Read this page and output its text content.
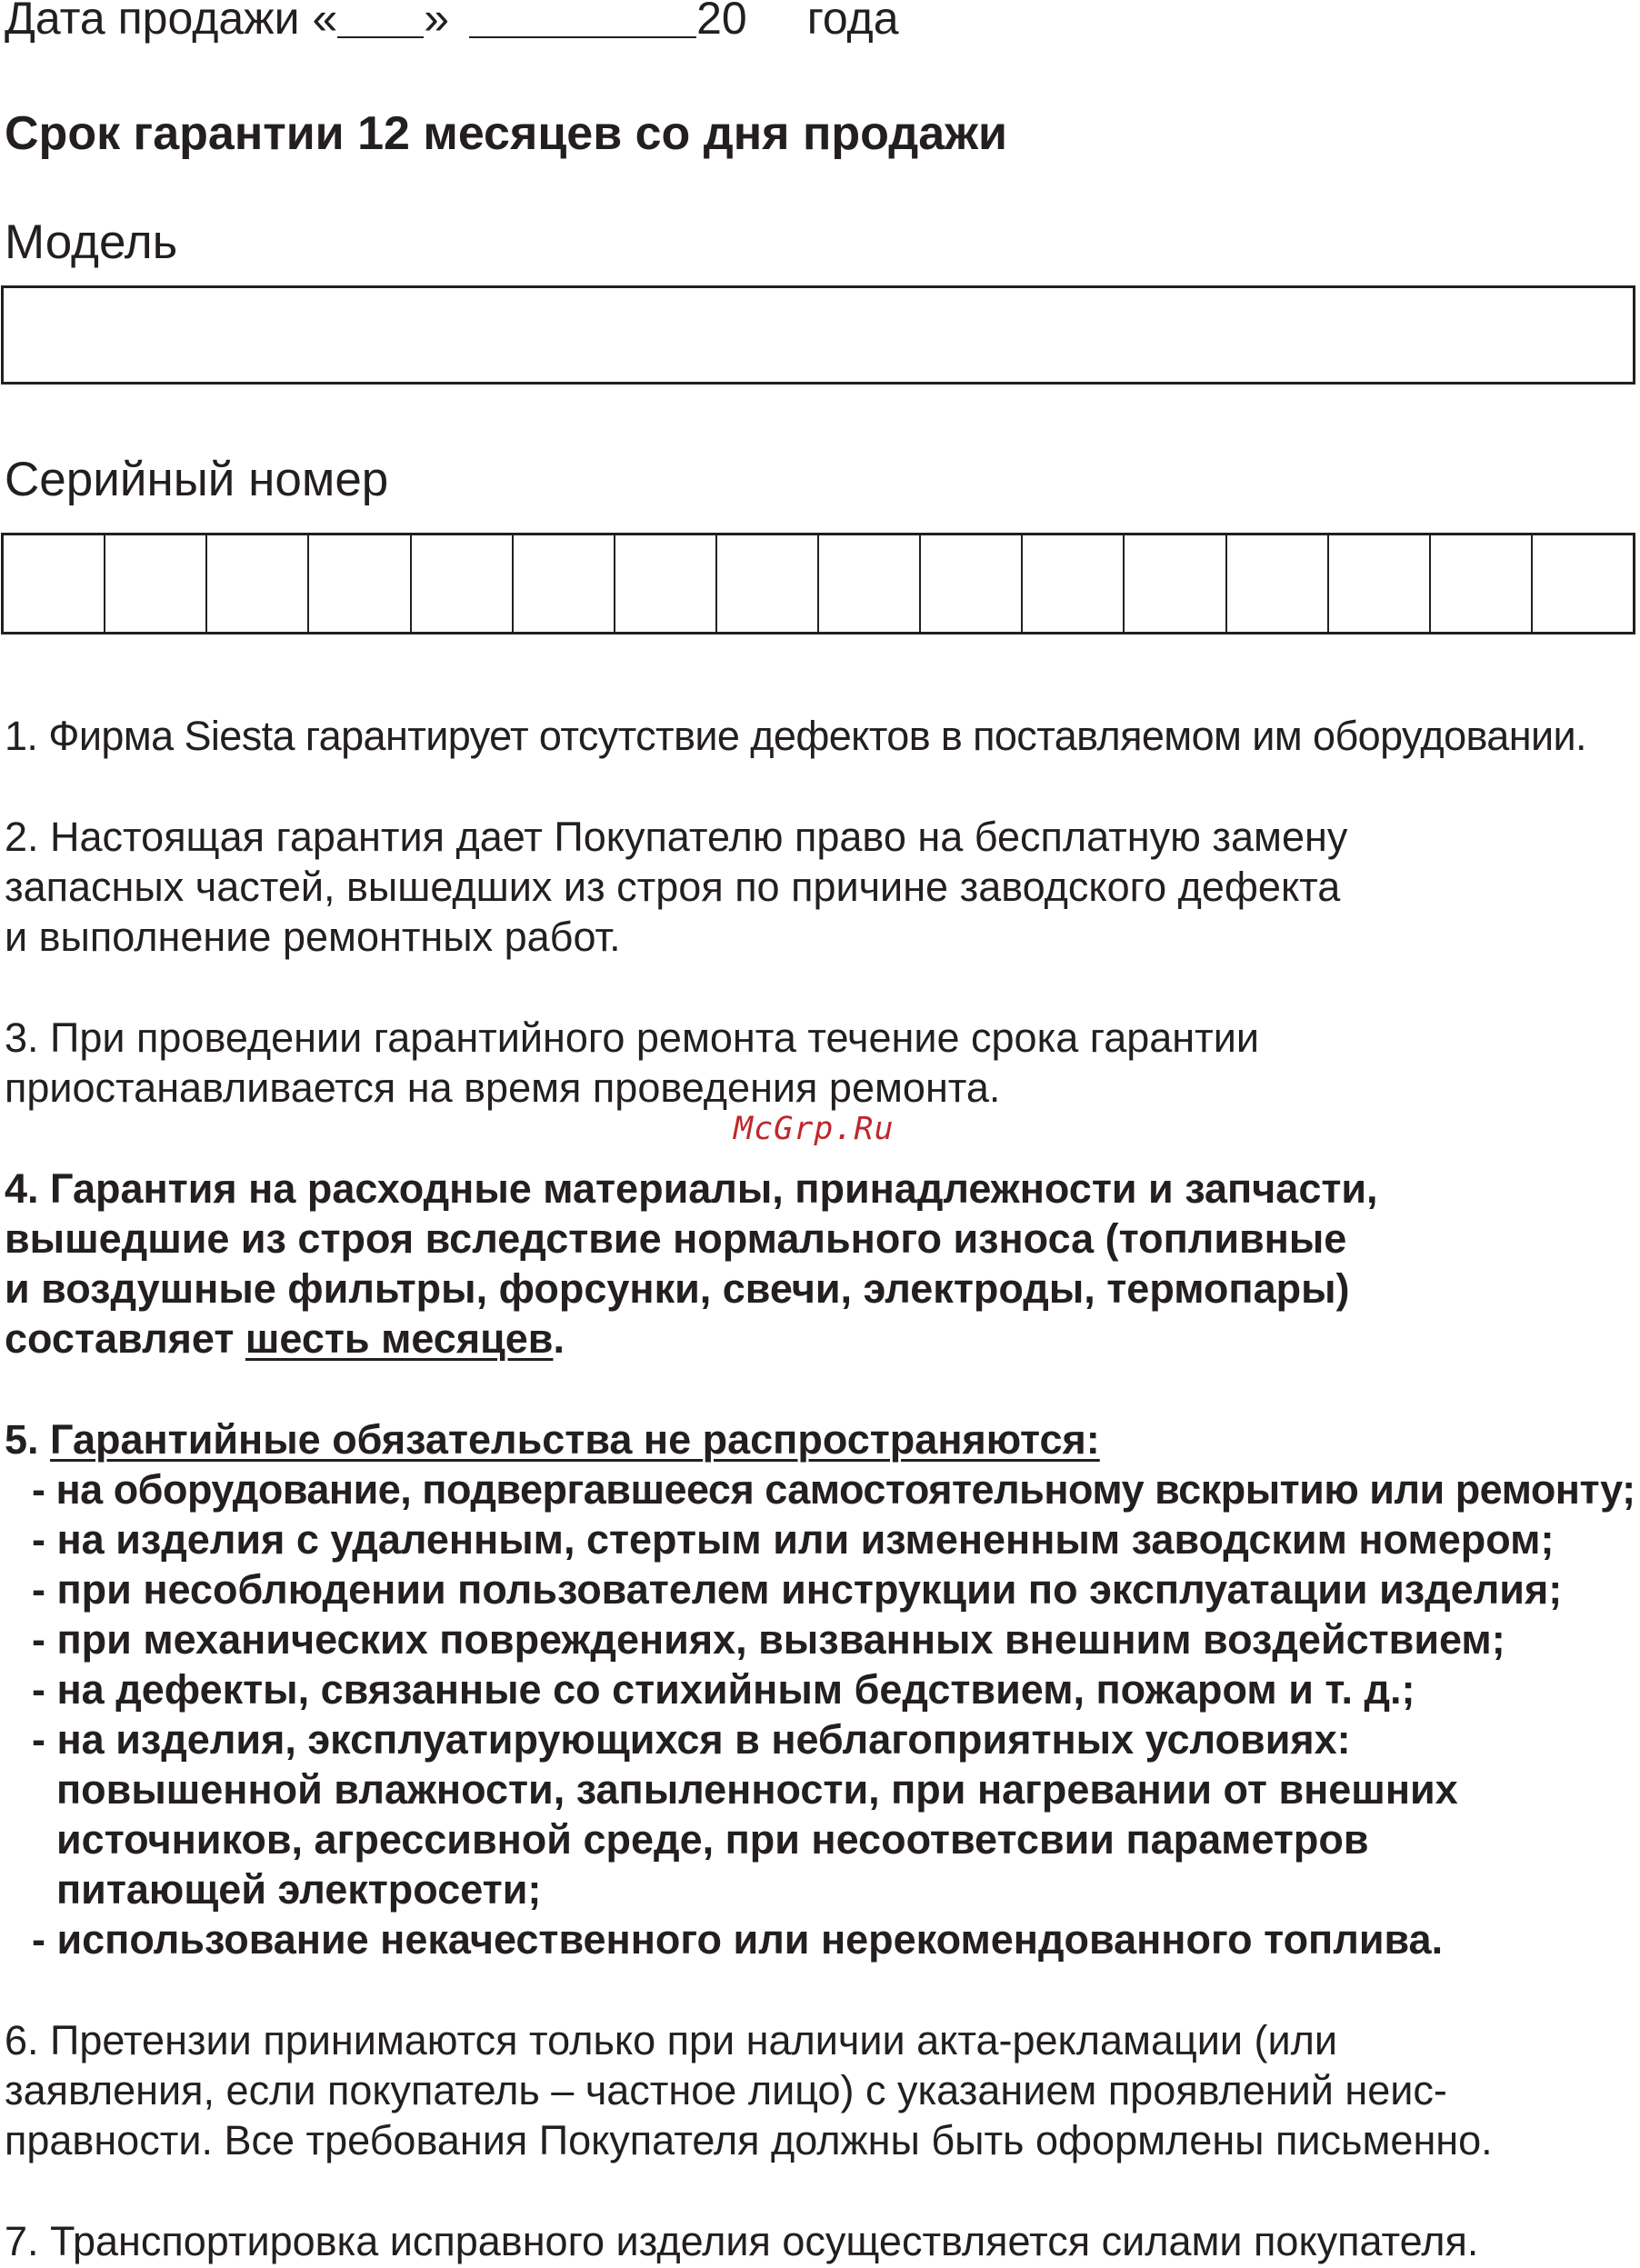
Дата продажи « »	20 года
Срок гарантии 12 месяцев со дня продажи
Модель
Серийный номер
1. Фирма Siesta гарантирует отсутствие дефектов в поставляемом им оборудовании.
2. Настоящая гарантия дает Покупателю право на бесплатную замену
запасных частей, вышедших из строя по причине заводского дефекта
и выполнение ремонтных работ.
3. При проведении гарантийного ремонта течение срока гарантии
приостанавливается на время проведения ремонта.
McGrp.Ru
4. Гарантия на расходные материалы, принадлежности и запчасти,
вышедшие из строя вследствие нормального износа (топливные
и воздушные фильтры, форсунки, свечи, электроды, термопары)
составляет шесть месяцев.
5. Гарантийные обязательства не распространяются:
- на оборудование, подвергавшееся самостоятельному вскрытию или ремонту;
- на изделия с удаленным, стертым или измененным заводским номером;
- при несоблюдении пользователем инструкции по эксплуатации изделия;
- при механических повреждениях, вызванных внешним воздействием;
- на дефекты, связанные со стихийным бедствием, пожаром и т. д.;
- на изделия, эксплуатирующихся в неблагоприятных условиях:
повышенной влажности, запыленности, при нагревании от внешних
источников, агрессивной среде, при несоответсвии параметров
питающей электросети;
- использование некачественного или нерекомендованного топлива.
6. Претензии принимаются только при наличии акта-рекламации (или
заявления, если покупатель – частное лицо) с указанием проявлений неис-
правности. Все требования Покупателя должны быть оформлены письменно.
7. Транспортировка исправного изделия осуществляется силами покупателя.
